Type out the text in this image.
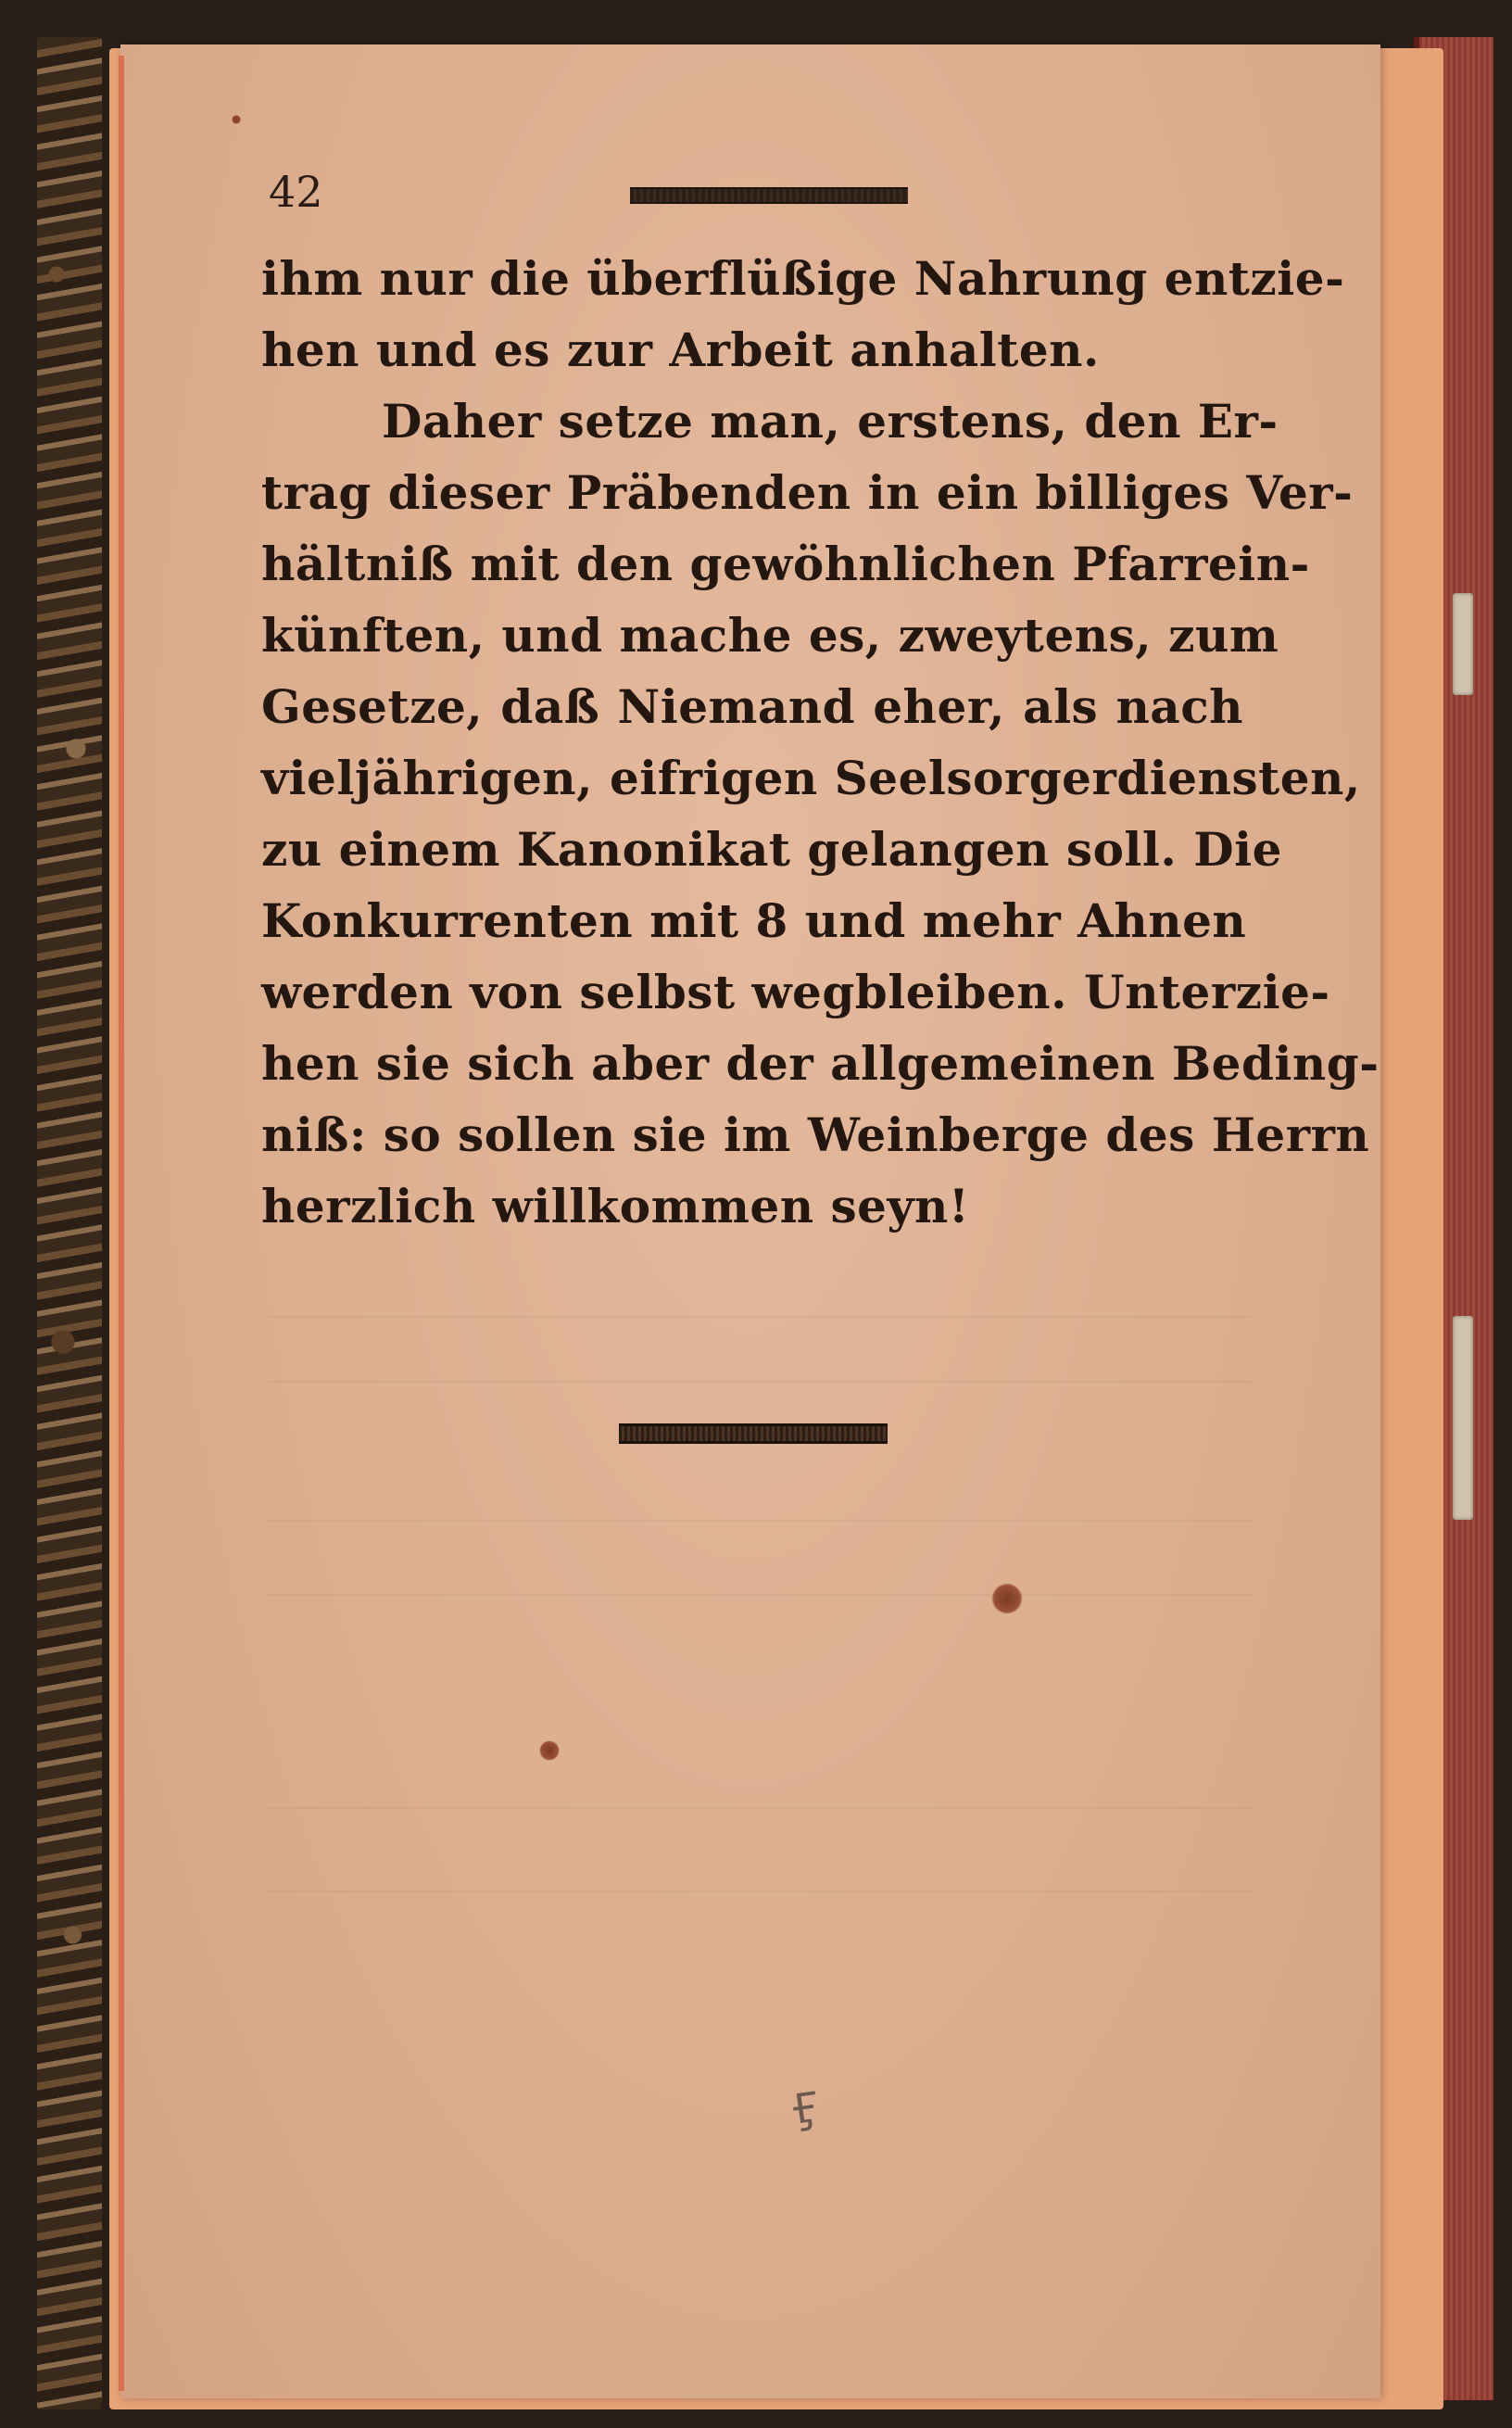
42
ihm nur die überflüßige Nahrung entzie-
hen und es zur Arbeit anhalten.
Daher setze man, erstens, den Er-
trag dieser Präbenden in ein billiges Ver-
hältniß mit den gewöhnlichen Pfarrein-
künften, und mache es, zweytens, zum
Gesetze, daß Niemand eher, als nach
vieljährigen, eifrigen Seelsorgerdiensten,
zu einem Kanonikat gelangen soll. Die
Konkurrenten mit 8 und mehr Ahnen
werden von selbst wegbleiben. Unterzie-
hen sie sich aber der allgemeinen Beding-
niß: so sollen sie im Weinberge des Herrn
herzlich willkommen seyn!
Ӻ
